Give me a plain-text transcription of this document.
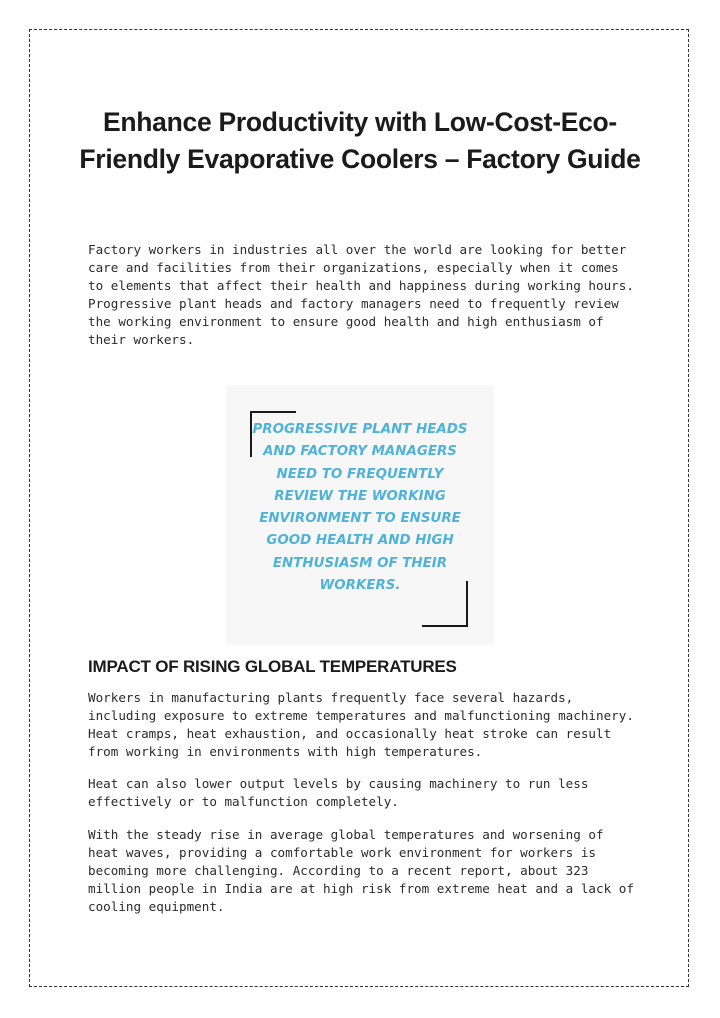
Enhance Productivity with Low-Cost-Eco-Friendly Evaporative Coolers – Factory Guide

Factory workers in industries all over the world are looking for better care and facilities from their organizations, especially when it comes to elements that affect their health and happiness during working hours. Progressive plant heads and factory managers need to frequently review the working environment to ensure good health and high enthusiasm of their workers.

PROGRESSIVE PLANT HEADS AND FACTORY MANAGERS NEED TO FREQUENTLY REVIEW THE WORKING ENVIRONMENT TO ENSURE GOOD HEALTH AND HIGH ENTHUSIASM OF THEIR WORKERS.

IMPACT OF RISING GLOBAL TEMPERATURES

Workers in manufacturing plants frequently face several hazards, including exposure to extreme temperatures and malfunctioning machinery. Heat cramps, heat exhaustion, and occasionally heat stroke can result from working in environments with high temperatures.

Heat can also lower output levels by causing machinery to run less effectively or to malfunction completely.

With the steady rise in average global temperatures and worsening of heat waves, providing a comfortable work environment for workers is becoming more challenging. According to a recent report, about 323 million people in India are at high risk from extreme heat and a lack of cooling equipment.
